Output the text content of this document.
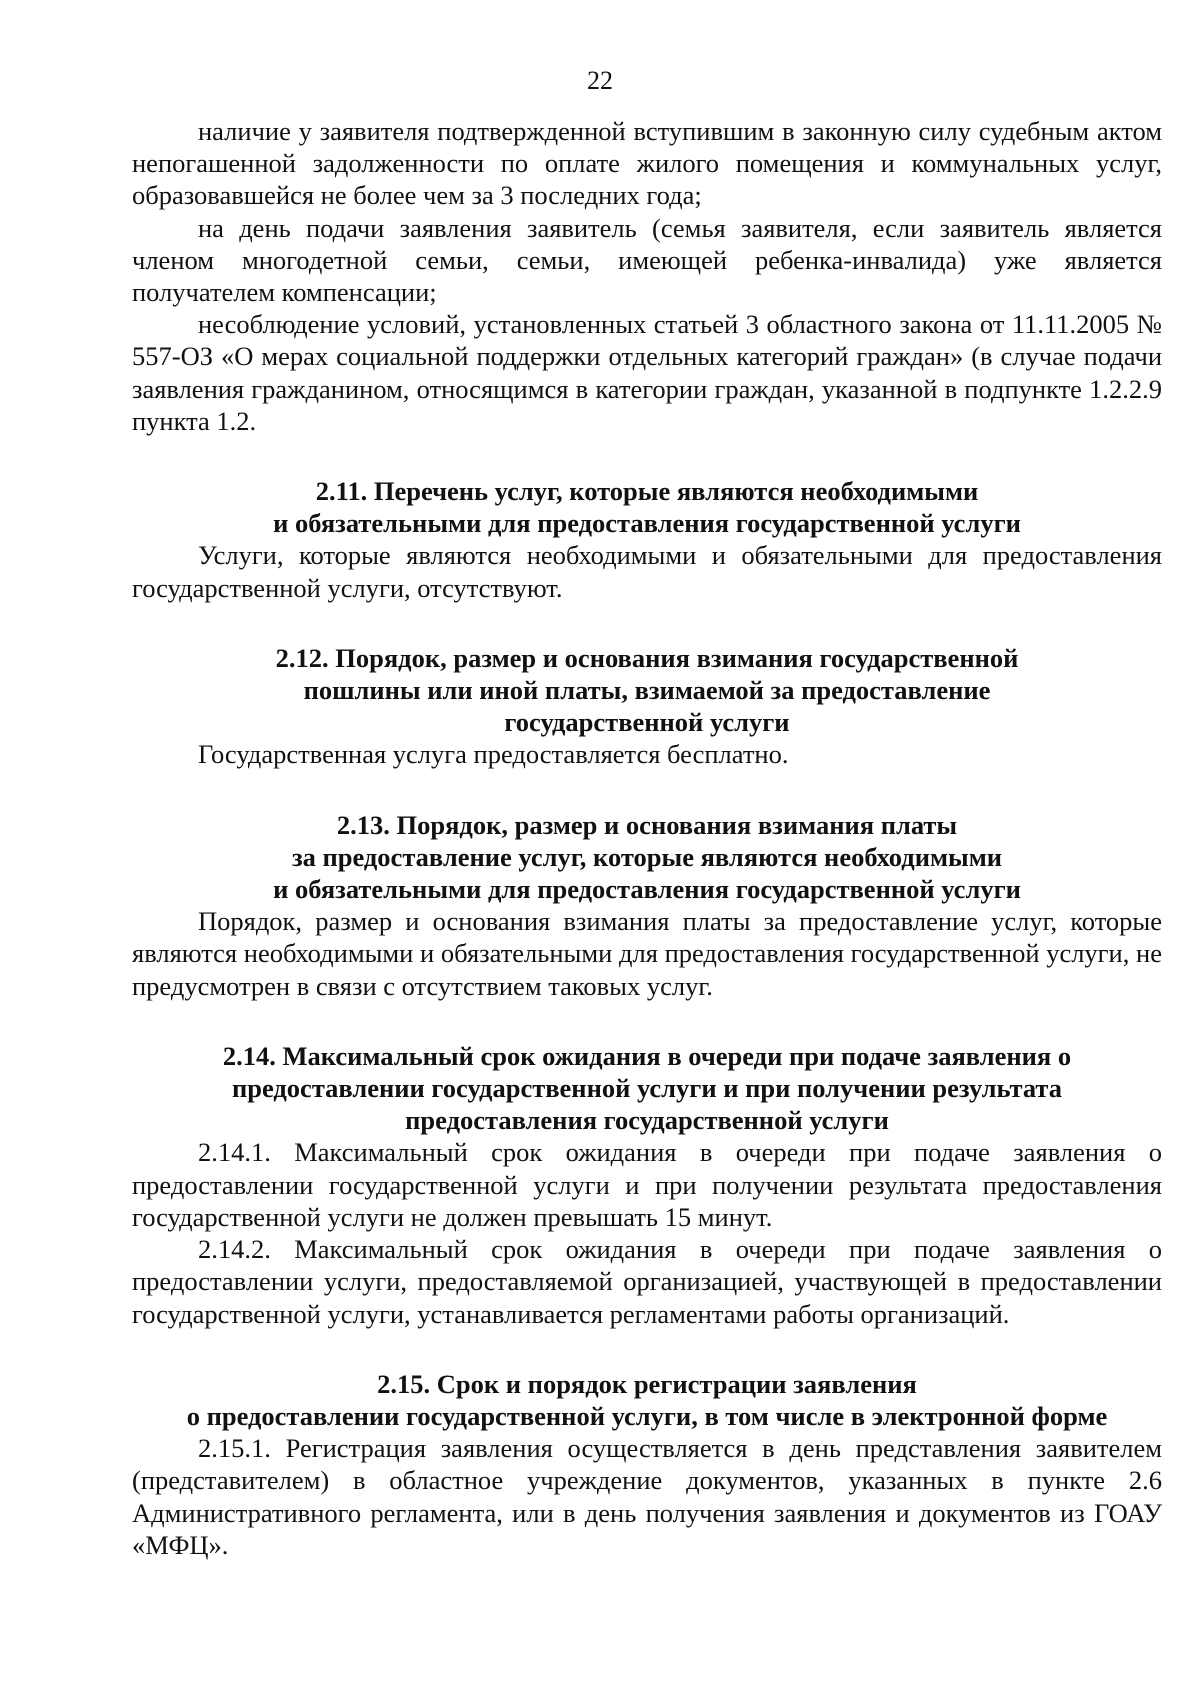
22

наличие у заявителя подтвержденной вступившим в законную силу судебным актом непогашенной задолженности по оплате жилого помещения и коммунальных услуг, образовавшейся не более чем за 3 последних года;

на день подачи заявления заявитель (семья заявителя, если заявитель является членом многодетной семьи, семьи, имеющей ребенка-инвалида) уже является получателем компенсации;

несоблюдение условий, установленных статьей 3 областного закона от 11.11.2005 № 557-ОЗ «О мерах социальной поддержки отдельных категорий граждан» (в случае подачи заявления гражданином, относящимся в категории граждан, указанной в подпункте 1.2.2.9 пункта 1.2.

2.11. Перечень услуг, которые являются необходимыми
и обязательными для предоставления государственной услуги

Услуги, которые являются необходимыми и обязательными для предоставления государственной услуги, отсутствуют.

2.12. Порядок, размер и основания взимания государственной
пошлины или иной платы, взимаемой за предоставление
государственной услуги

Государственная услуга предоставляется бесплатно.

2.13. Порядок, размер и основания взимания платы
за предоставление услуг, которые являются необходимыми
и обязательными для предоставления государственной услуги

Порядок, размер и основания взимания платы за предоставление услуг, которые являются необходимыми и обязательными для предоставления государственной услуги, не предусмотрен в связи с отсутствием таковых услуг.

2.14. Максимальный срок ожидания в очереди при подаче заявления о
предоставлении государственной услуги и при получении результата
предоставления государственной услуги

2.14.1. Максимальный срок ожидания в очереди при подаче заявления о предоставлении государственной услуги и при получении результата предоставления государственной услуги не должен превышать 15 минут.

2.14.2. Максимальный срок ожидания в очереди при подаче заявления о предоставлении услуги, предоставляемой организацией, участвующей в предоставлении государственной услуги, устанавливается регламентами работы организаций.

2.15. Срок и порядок регистрации заявления
о предоставлении государственной услуги, в том числе в электронной форме

2.15.1. Регистрация заявления осуществляется в день представления заявителем (представителем) в областное учреждение документов, указанных в пункте 2.6 Административного регламента, или в день получения заявления и документов из ГОАУ «МФЦ».
